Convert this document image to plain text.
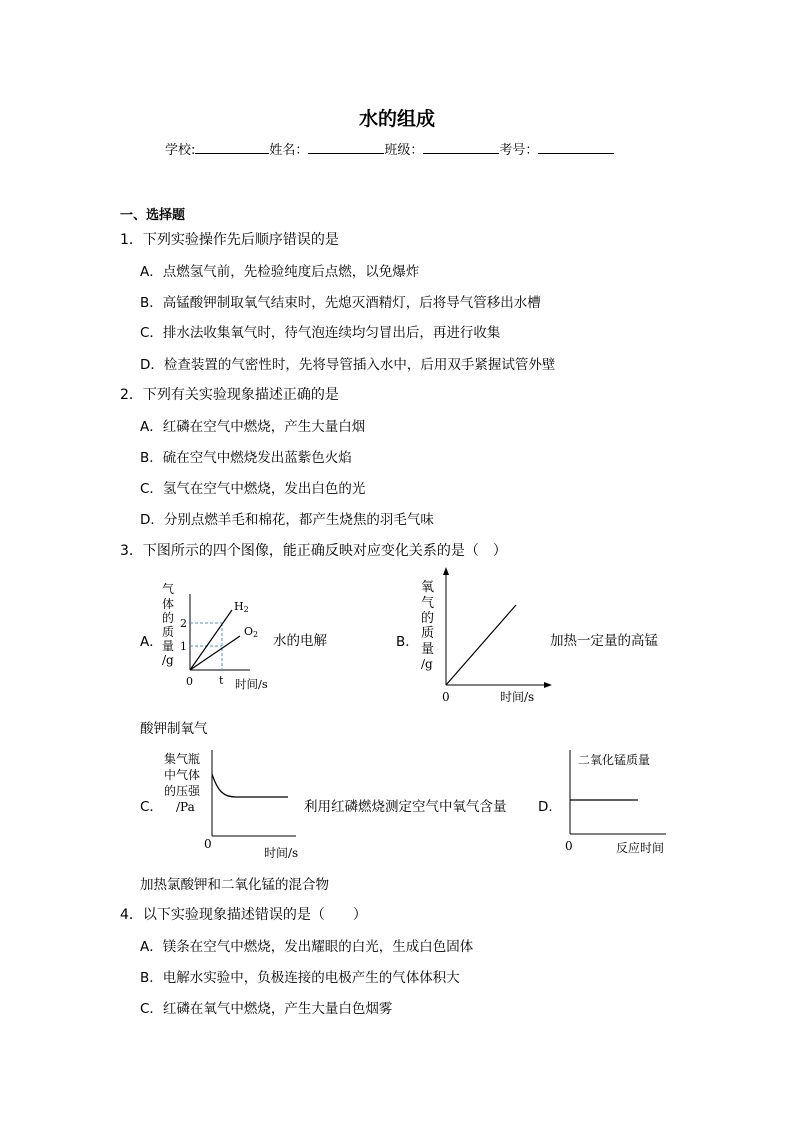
水的组成
学校:	姓名：	班级：	考号：
一、选择题
1．下列实验操作先后顺序错误的是
A．点燃氢气前，先检验纯度后点燃，以免爆炸
B．高锰酸钾制取氧气结束时，先熄灭酒精灯，后将导气管移出水槽
C．排水法收集氧气时，待气泡连续均匀冒出后，再进行收集
D．检查装置的气密性时，先将导管插入水中，后用双手紧握试管外壁
2．下列有关实验现象描述正确的是
A．红磷在空气中燃烧，产生大量白烟
B．硫在空气中燃烧发出蓝紫色火焰
C．氢气在空气中燃烧，发出白色的光
D．分别点燃羊毛和棉花，都产生烧焦的羽毛气味
3．下图所示的四个图像，能正确反映对应变化关系的是（　）
A．
气
体
的
质
量
/g
2
1
0 t 时间/s
H2
O2 水的电解	B．
氧
气
的
质
量
/g
0	时间/s
加热一定量的高锰
酸钾制氧气
C．
集气瓶
中气体
的压强
/Pa
0
时间/s
利用红磷燃烧测定空气中氧气含量 D．
二氧化锰质量
0	反应时间
加热氯酸钾和二氧化锰的混合物
4．以下实验现象描述错误的是（　　）
A．镁条在空气中燃烧，发出耀眼的白光，生成白色固体
B．电解水实验中，负极连接的电极产生的气体体积大
C．红磷在氧气中燃烧，产生大量白色烟雾
